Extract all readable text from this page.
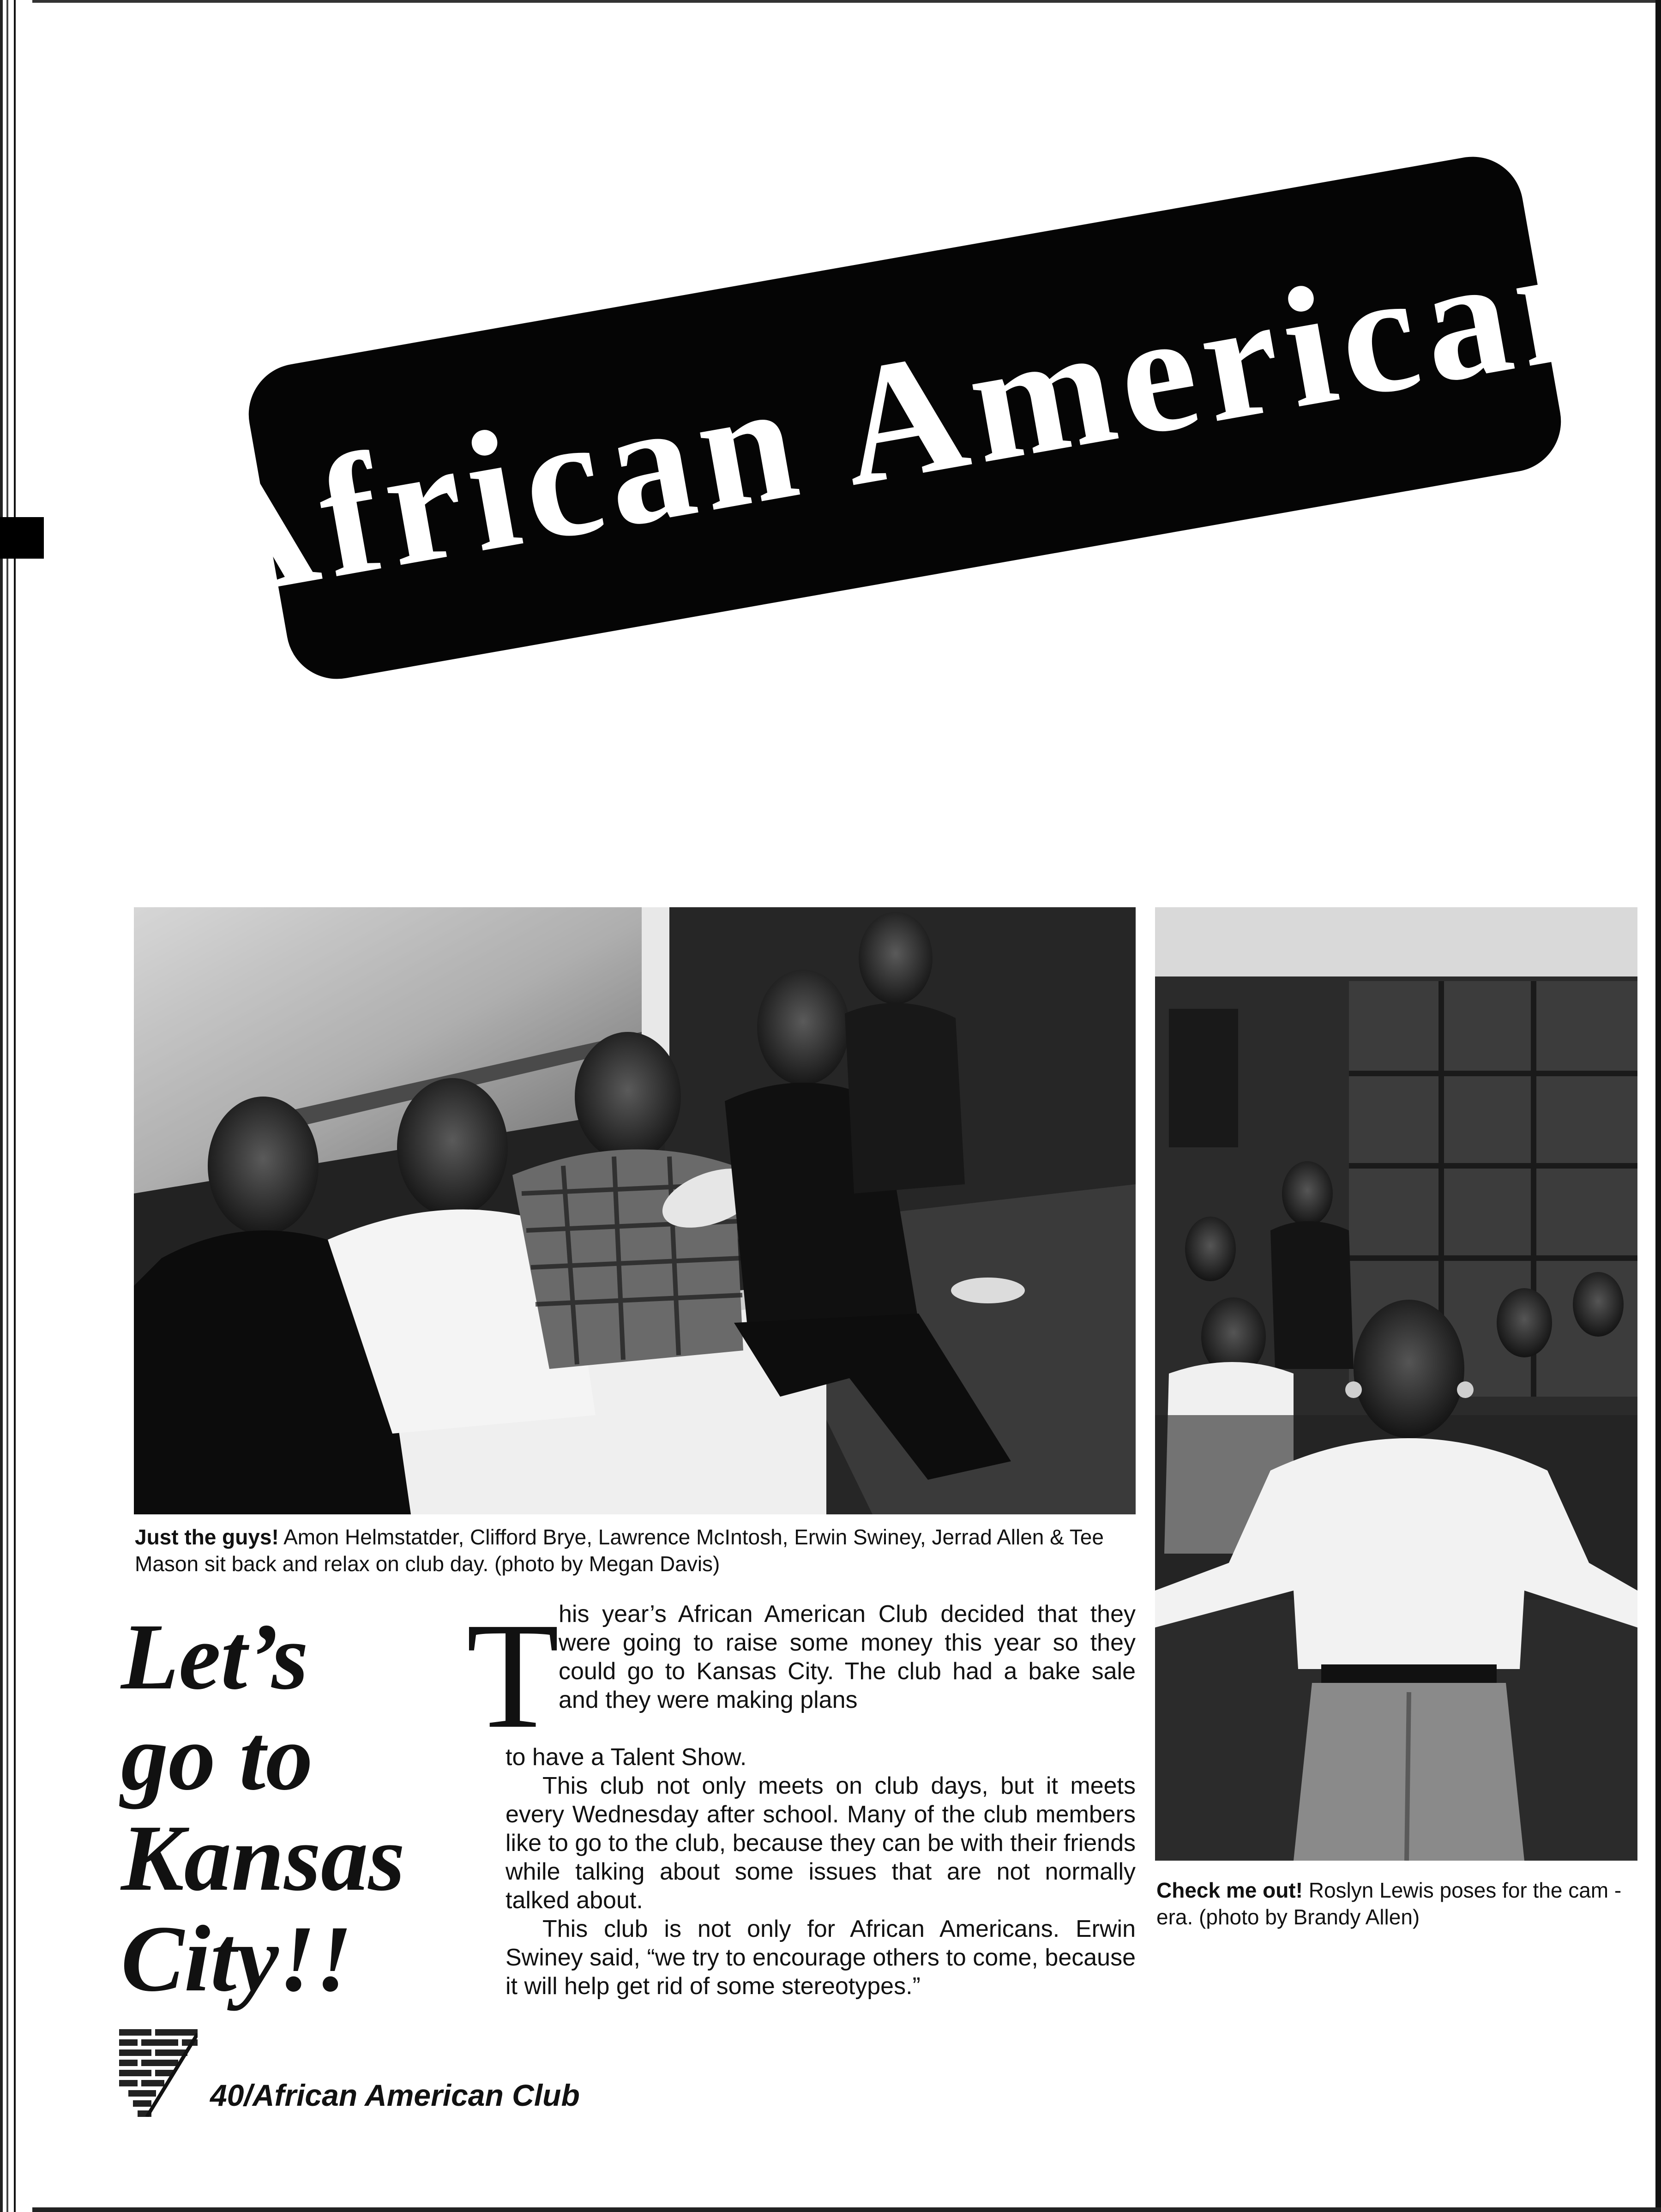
African American
Just the guys! Amon Helmstatder, Clifford Brye, Lawrence McIntosh, Erwin Swiney, Jerrad Allen & Tee Mason sit back and relax on club day. (photo by Megan Davis)
Check me out! Roslyn Lewis poses for the cam - era. (photo by Brandy Allen)
Let’s
go to
Kansas
City!!
T

his year’s African American Club decided that they were going to raise some money this year so they could go to Kansas City. The club had a bake sale and they were making plans

to have a Talent Show.

This club not only meets on club days, but it meets every Wednesday after school. Many of the club members like to go to the club, because they can be with their friends while talking about some issues that are not normally talked about.

This club is not only for African Americans. Erwin Swiney said, “we try to encourage others to come, because it will help get rid of some stereotypes.”

40/African American Club
